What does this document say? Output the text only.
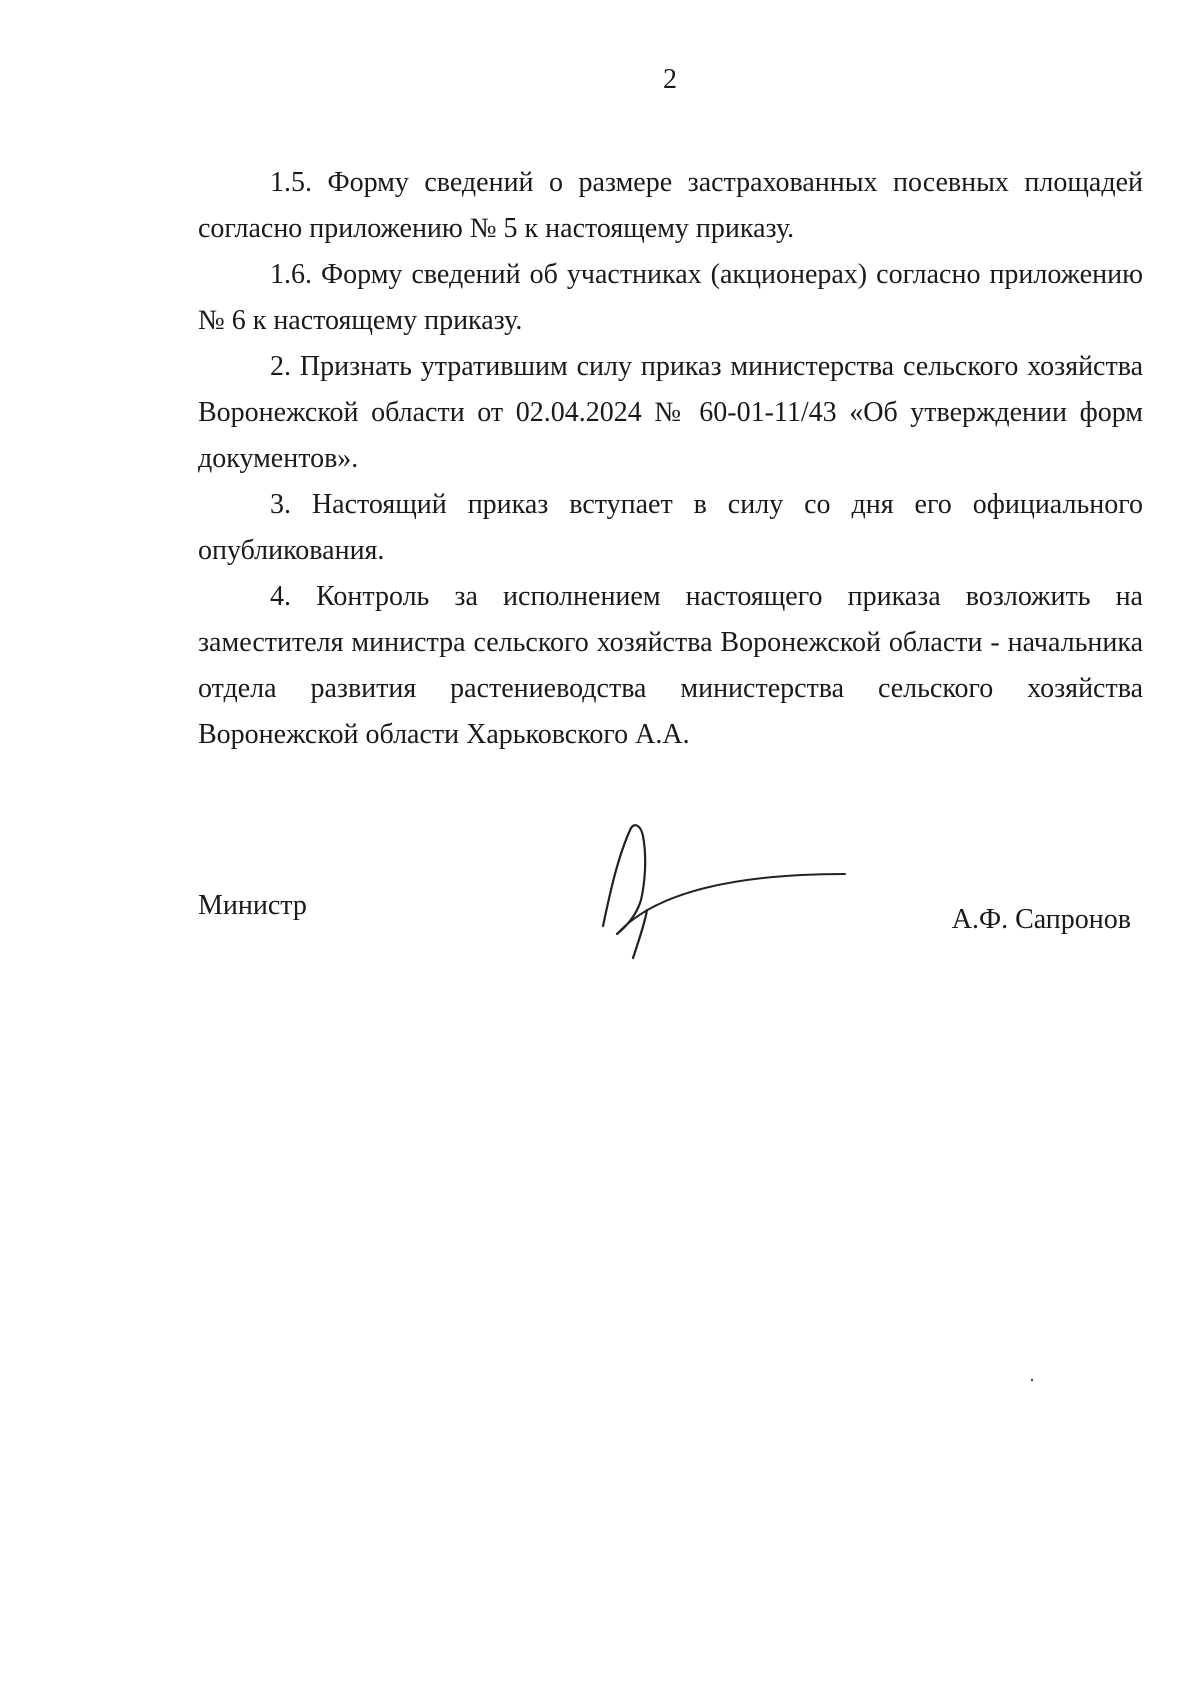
2

1.5. Форму сведений о размере застрахованных посевных площадей согласно приложению № 5 к настоящему приказу.

1.6. Форму сведений об участниках (акционерах) согласно приложению № 6 к настоящему приказу.

2. Признать утратившим силу приказ министерства сельского хозяйства Воронежской области от 02.04.2024 № 60-01-11/43 «Об утверждении форм документов».

3. Настоящий приказ вступает в силу со дня его официального опубликования.

4. Контроль за исполнением настоящего приказа возложить на заместителя министра сельского хозяйства Воронежской области - начальника отдела развития растениеводства министерства сельского хозяйства Воронежской области Харьковского А.А.

Министр	А.Ф. Сапронов
